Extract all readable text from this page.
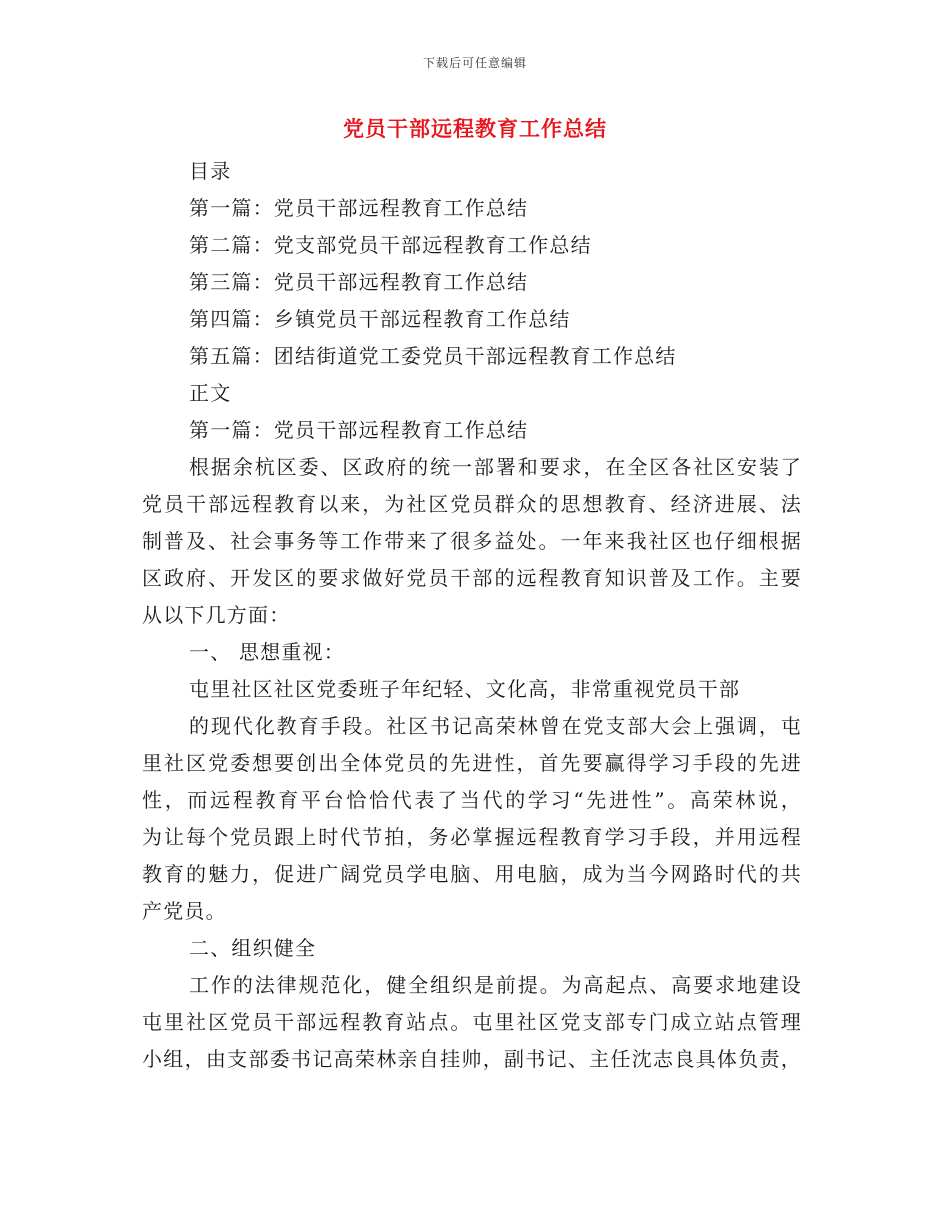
下载后可任意编辑
党员干部远程教育工作总结
目录
第一篇：党员干部远程教育工作总结
第二篇：党支部党员干部远程教育工作总结
第三篇：党员干部远程教育工作总结
第四篇：乡镇党员干部远程教育工作总结
第五篇：团结街道党工委党员干部远程教育工作总结
正文
第一篇：党员干部远程教育工作总结
根据余杭区委、区政府的统一部署和要求，在全区各社区安装了
党员干部远程教育以来，为社区党员群众的思想教育、经济进展、法
制普及、社会事务等工作带来了很多益处。一年来我社区也仔细根据
区政府、开发区的要求做好党员干部的远程教育知识普及工作。主要
从以下几方面：
一、 思想重视：
屯里社区社区党委班子年纪轻、文化高，非常重视党员干部
的现代化教育手段。社区书记高荣林曾在党支部大会上强调，屯
里社区党委想要创出全体党员的先进性，首先要赢得学习手段的先进
性，而远程教育平台恰恰代表了当代的学习“先进性”。高荣林说，
为让每个党员跟上时代节拍，务必掌握远程教育学习手段，并用远程
教育的魅力，促进广阔党员学电脑、用电脑，成为当今网路时代的共
产党员。
二、组织健全
工作的法律规范化，健全组织是前提。为高起点、高要求地建设
屯里社区党员干部远程教育站点。屯里社区党支部专门成立站点管理
小组，由支部委书记高荣林亲自挂帅，副书记、主任沈志良具体负责，
